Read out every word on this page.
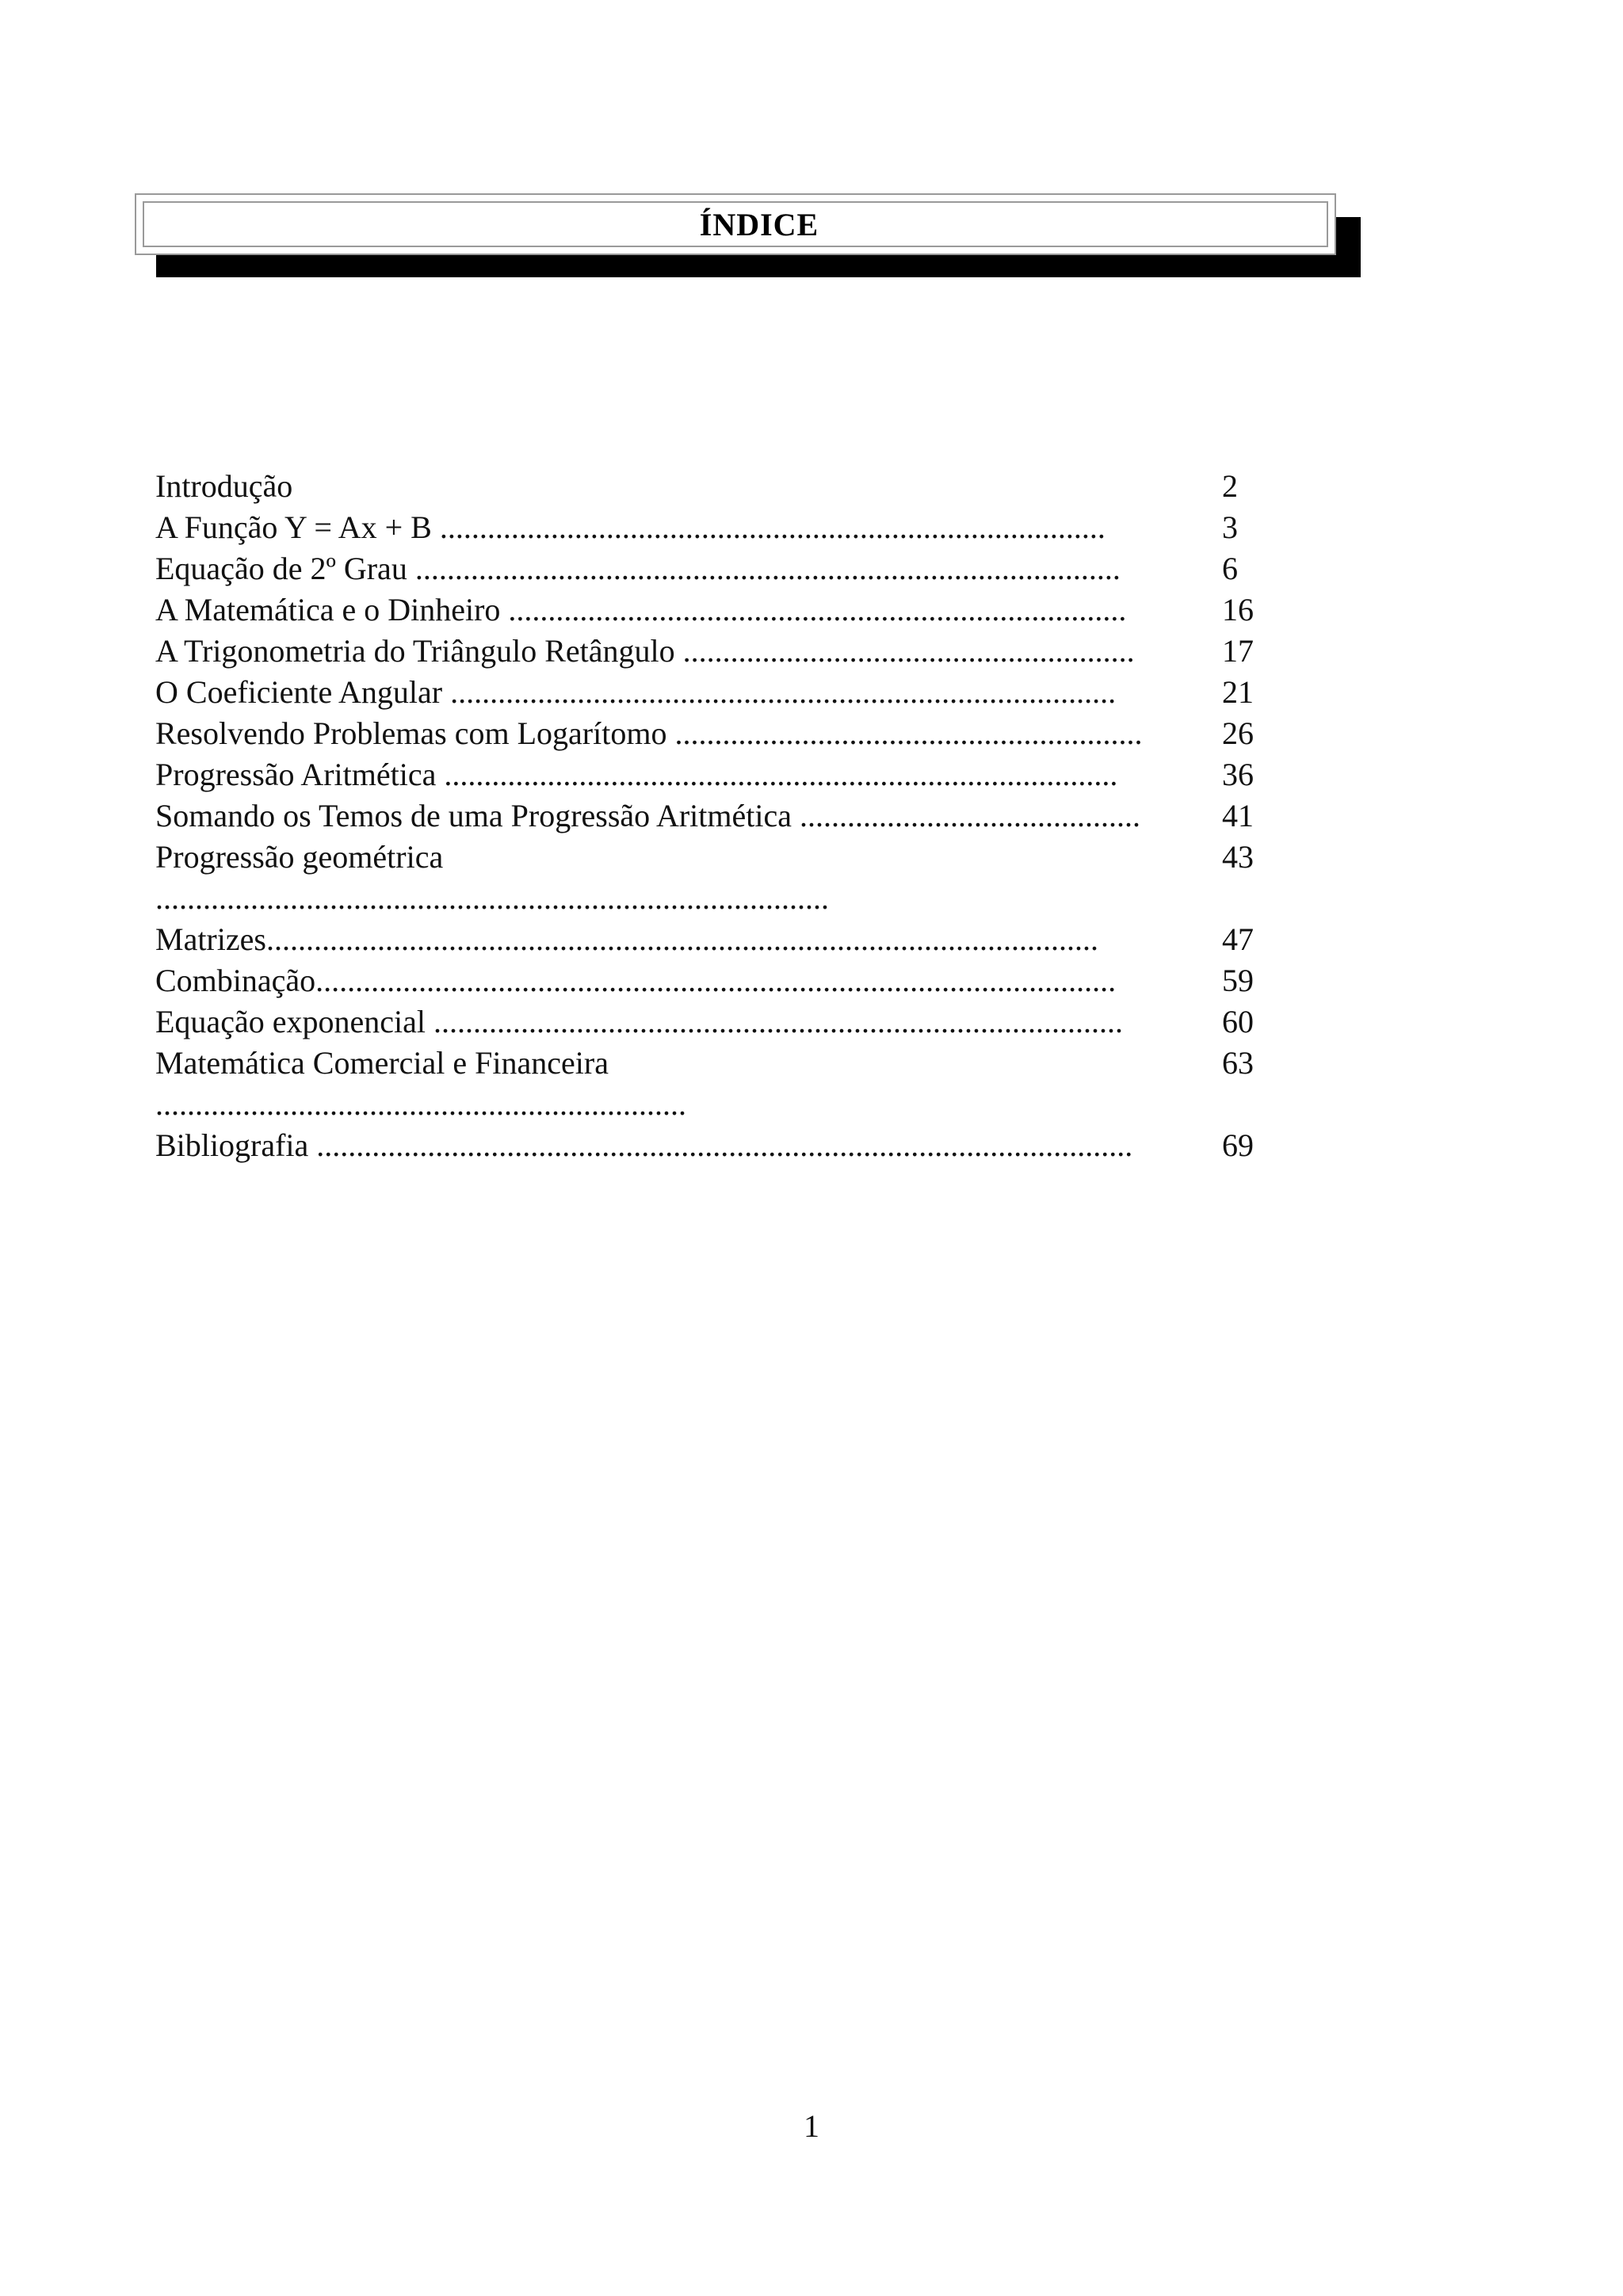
ÍNDICE
Introdução	2
A Função Y = Ax + B ....................................................................................	3
Equação de 2º Grau .........................................................................................	6
A Matemática e o Dinheiro ..............................................................................	16
A Trigonometria do Triângulo Retângulo .........................................................	17
O Coeficiente Angular ....................................................................................	21
Resolvendo Problemas com Logarítomo ...........................................................	26
Progressão Aritmética .....................................................................................	36
Somando os Temos de uma Progressão Aritmética ...........................................	41
Progressão geométrica	43
.....................................................................................
Matrizes.........................................................................................................	47
Combinação.....................................................................................................	59
Equação exponencial .......................................................................................	60
Matemática Comercial e Financeira	63
...................................................................
Bibliografia .......................................................................................................	69
1
